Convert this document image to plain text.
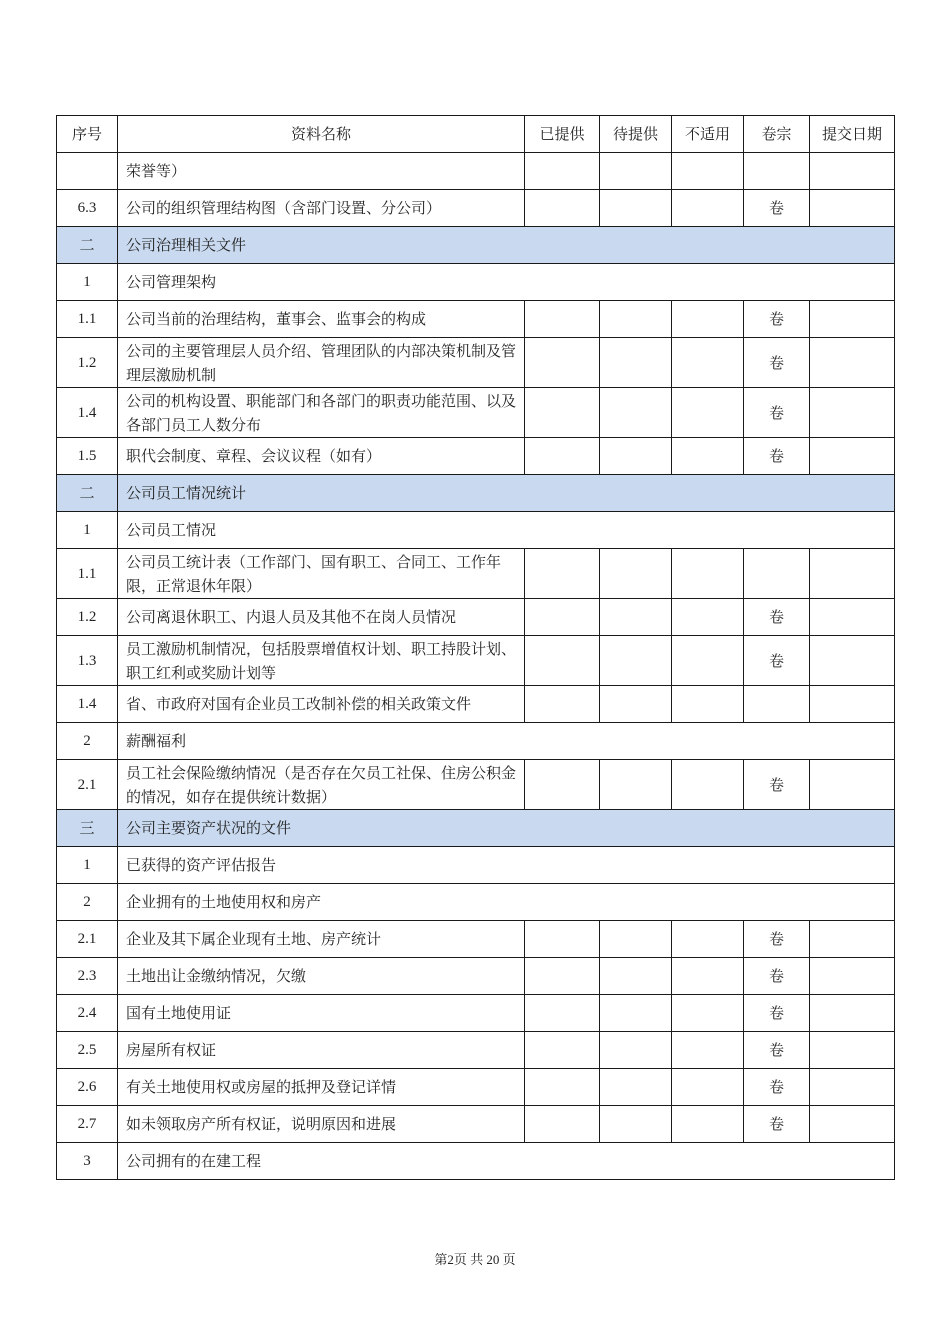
序号	资料名称	已提供	待提供	不适用	卷宗	提交日期
	荣誉等）					
6.3	公司的组织管理结构图（含部门设置、分公司）				卷	
二	公司治理相关文件					
1	公司管理架构					
1.1	公司当前的治理结构，董事会、监事会的构成				卷	
1.2	公司的主要管理层人员介绍、管理团队的内部决策机制及管理层激励机制				卷	
1.4	公司的机构设置、职能部门和各部门的职责功能范围、以及各部门员工人数分布				卷	
1.5	职代会制度、章程、会议议程（如有）				卷	
二	公司员工情况统计					
1	公司员工情况					
1.1	公司员工统计表（工作部门、国有职工、合同工、工作年限，正常退休年限）					
1.2	公司离退休职工、内退人员及其他不在岗人员情况				卷	
1.3	员工激励机制情况，包括股票增值权计划、职工持股计划、职工红利或奖励计划等				卷	
1.4	省、市政府对国有企业员工改制补偿的相关政策文件					
2	薪酬福利					
2.1	员工社会保险缴纳情况（是否存在欠员工社保、住房公积金的情况，如存在提供统计数据）				卷	
三	公司主要资产状况的文件					
1	已获得的资产评估报告					
2	企业拥有的土地使用权和房产					
2.1	企业及其下属企业现有土地、房产统计				卷	
2.3	土地出让金缴纳情况，欠缴				卷	
2.4	国有土地使用证				卷	
2.5	房屋所有权证				卷	
2.6	有关土地使用权或房屋的抵押及登记详情				卷	
2.7	如未领取房产所有权证，说明原因和进展				卷	
3	公司拥有的在建工程					
第2页 共 20 页
